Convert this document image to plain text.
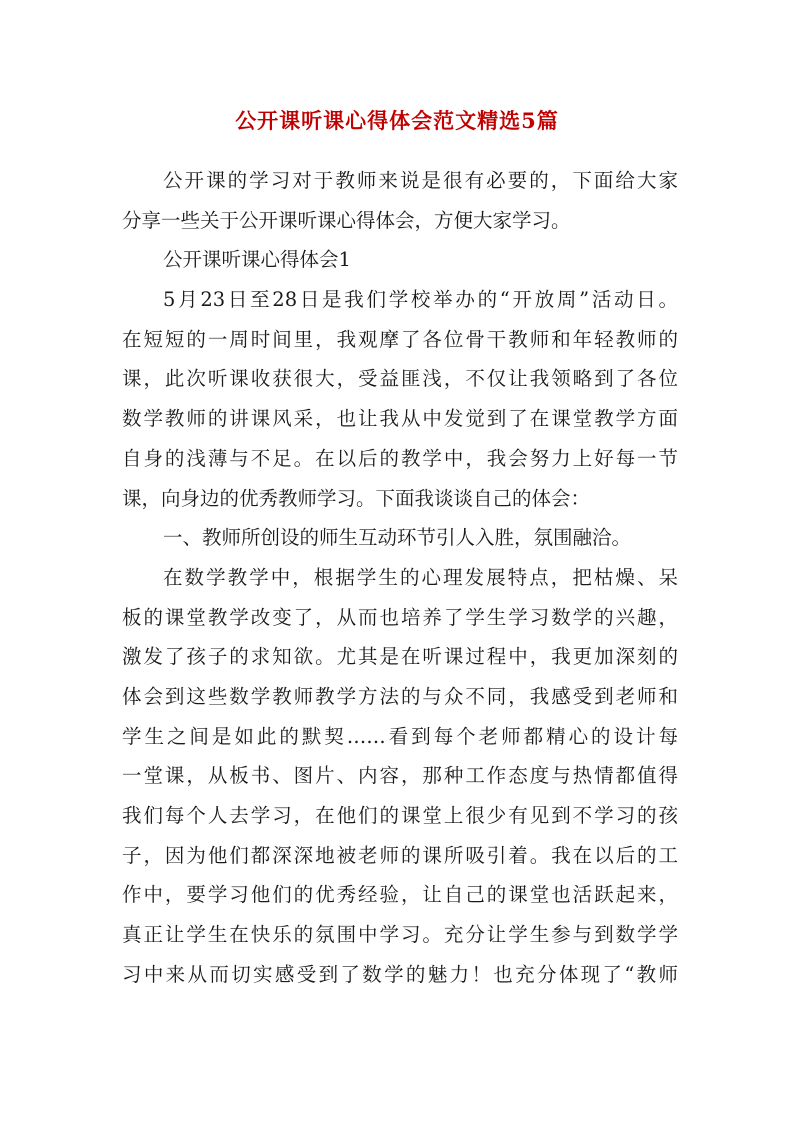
公开课听课心得体会范文精选5篇
公开课的学习对于教师来说是很有必要的，下面给大家
分享一些关于公开课听课心得体会，方便大家学习。
公开课听课心得体会1
5月23日至28日是我们学校举办的“开放周”活动日。
在短短的一周时间里，我观摩了各位骨干教师和年轻教师的
课，此次听课收获很大，受益匪浅，不仅让我领略到了各位
数学教师的讲课风采，也让我从中发觉到了在课堂教学方面
自身的浅薄与不足。在以后的教学中，我会努力上好每一节
课，向身边的优秀教师学习。下面我谈谈自己的体会：
一、教师所创设的师生互动环节引人入胜，氛围融洽。
在数学教学中，根据学生的心理发展特点，把枯燥、呆
板的课堂教学改变了，从而也培养了学生学习数学的兴趣，
激发了孩子的求知欲。尤其是在听课过程中，我更加深刻的
体会到这些数学教师教学方法的与众不同，我感受到老师和
学生之间是如此的默契……看到每个老师都精心的设计每
一堂课，从板书、图片、内容，那种工作态度与热情都值得
我们每个人去学习，在他们的课堂上很少有见到不学习的孩
子，因为他们都深深地被老师的课所吸引着。我在以后的工
作中，要学习他们的优秀经验，让自己的课堂也活跃起来，
真正让学生在快乐的氛围中学习。充分让学生参与到数学学
习中来从而切实感受到了数学的魅力！也充分体现了“教师
